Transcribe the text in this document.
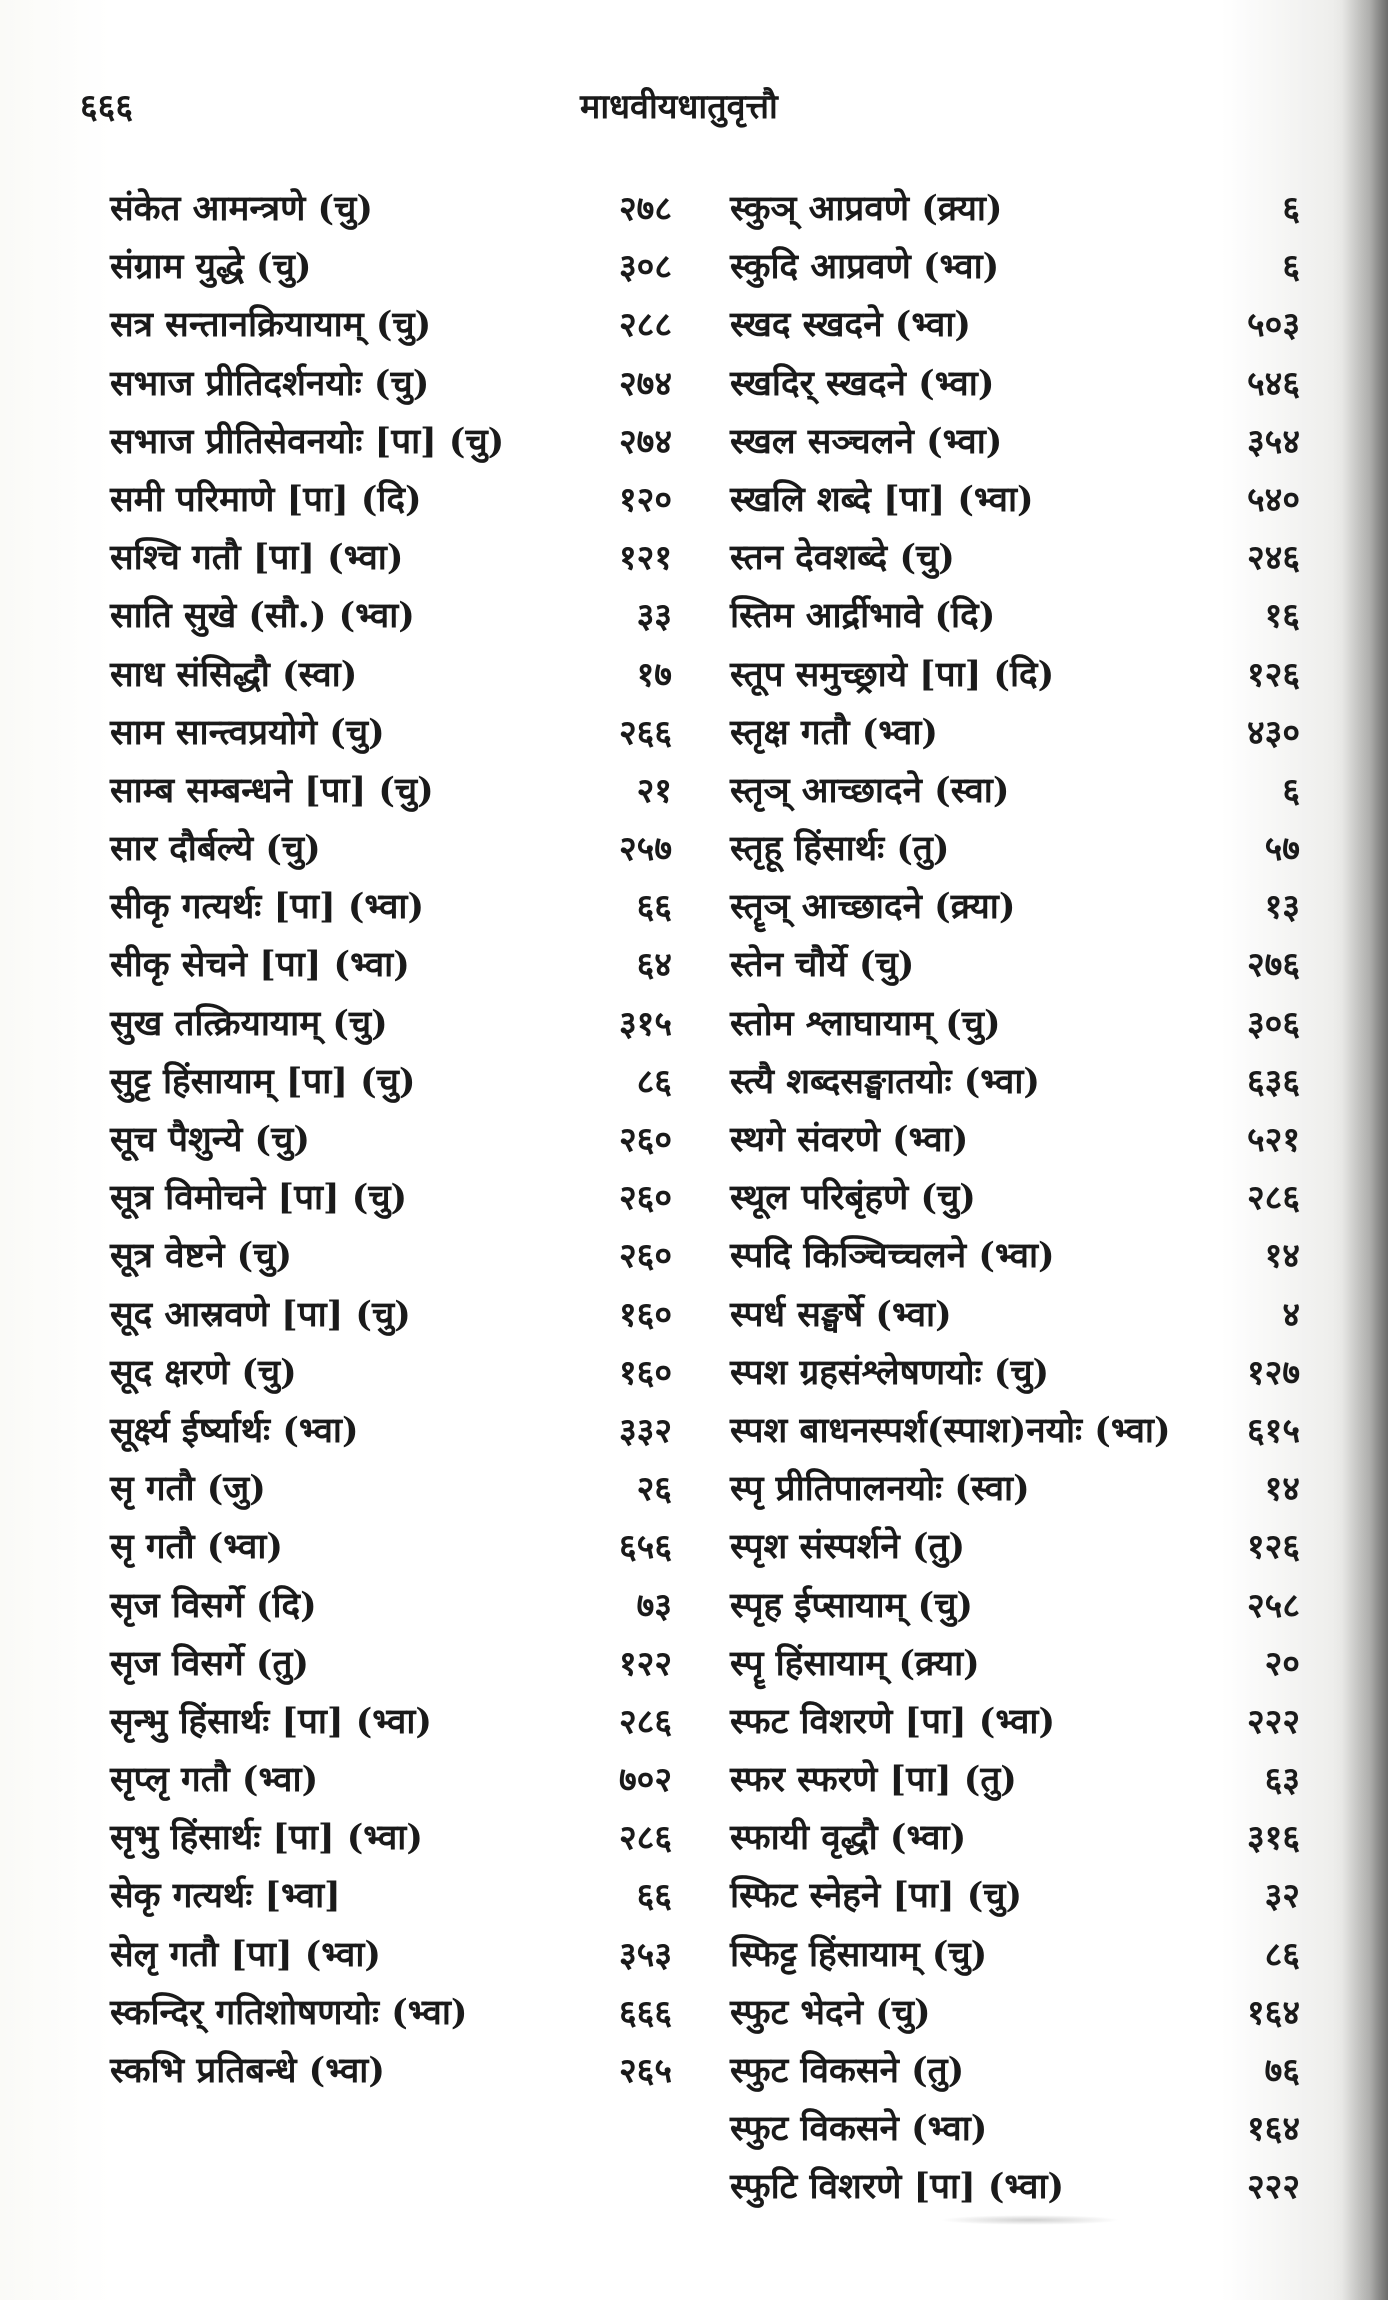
६६६	माधवीयधातुवृत्तौ
संकेत आमन्त्रणे (चु)	२७८
संग्राम युद्धे (चु)	३०८
सत्र सन्तानक्रियायाम् (चु)	२८८
सभाज प्रीतिदर्शनयोः (चु)	२७४
सभाज प्रीतिसेवनयोः [पा] (चु)	२७४
समी परिमाणे [पा] (दि)	१२०
सश्चि गतौ [पा] (भ्वा)	१२१
साति सुखे (सौ.) (भ्वा)	३३
साध संसिद्धौ (स्वा)	१७
साम सान्त्वप्रयोगे (चु)	२६६
साम्ब सम्बन्धने [पा] (चु)	२१
सार दौर्बल्ये (चु)	२५७
सीकृ गत्यर्थः [पा] (भ्वा)	६६
सीकृ सेचने [पा] (भ्वा)	६४
सुख तत्क्रियायाम् (चु)	३१५
सुट्ट हिंसायाम् [पा] (चु)	८६
सूच पैशुन्ये (चु)	२६०
सूत्र विमोचने [पा] (चु)	२६०
सूत्र वेष्टने (चु)	२६०
सूद आस्रवणे [पा] (चु)	१६०
सूद क्षरणे (चु)	१६०
सूर्क्ष्य ईर्ष्यार्थः (भ्वा)	३३२
सृ गतौ (जु)	२६
सृ गतौ (भ्वा)	६५६
सृज विसर्गे (दि)	७३
सृज विसर्गे (तु)	१२२
सृन्भु हिंसार्थः [पा] (भ्वा)	२८६
सृप्लृ गतौ (भ्वा)	७०२
सृभु हिंसार्थः [पा] (भ्वा)	२८६
सेकृ गत्यर्थः [भ्वा]	६६
सेलृ गतौ [पा] (भ्वा)	३५३
स्कन्दिर् गतिशोषणयोः (भ्वा)	६६६
स्कभि प्रतिबन्धे (भ्वा)	२६५
स्कुञ् आप्रवणे (क्र्या)	६
स्कुदि आप्रवणे (भ्वा)	६
स्खद स्खदने (भ्वा)	५०३
स्खदिर् स्खदने (भ्वा)	५४६
स्खल सञ्चलने (भ्वा)	३५४
स्खलि शब्दे [पा] (भ्वा)	५४०
स्तन देवशब्दे (चु)	२४६
स्तिम आर्द्रीभावे (दि)	१६
स्तूप समुच्छ्राये [पा] (दि)	१२६
स्तृक्ष गतौ (भ्वा)	४३०
स्तृञ् आच्छादने (स्वा)	६
स्तृहू हिंसार्थः (तु)	५७
स्तॄञ् आच्छादने (क्र्या)	१३
स्तेन चौर्ये (चु)	२७६
स्तोम श्लाघायाम् (चु)	३०६
स्त्यै शब्दसङ्घातयोः (भ्वा)	६३६
स्थगे संवरणे (भ्वा)	५२१
स्थूल परिबृंहणे (चु)	२८६
स्पदि किञ्चिच्चलने (भ्वा)	१४
स्पर्ध सङ्घर्षे (भ्वा)	४
स्पश ग्रहसंश्लेषणयोः (चु)	१२७
स्पश बाधनस्पर्श(स्पाश)नयोः (भ्वा) ६१५
स्पृ प्रीतिपालनयोः (स्वा)	१४
स्पृश संस्पर्शने (तु)	१२६
स्पृह ईप्सायाम् (चु)	२५८
स्पॄ हिंसायाम् (क्र्या)	२०
स्फट विशरणे [पा] (भ्वा)	२२२
स्फर स्फरणे [पा] (तु)	६३
स्फायी वृद्धौ (भ्वा)	३१६
स्फिट स्नेहने [पा] (चु)	३२
स्फिट्ट हिंसायाम् (चु)	८६
स्फुट भेदने (चु)	१६४
स्फुट विकसने (तु)	७६
स्फुट विकसने (भ्वा)	१६४
स्फुटि विशरणे [पा] (भ्वा)	२२२
